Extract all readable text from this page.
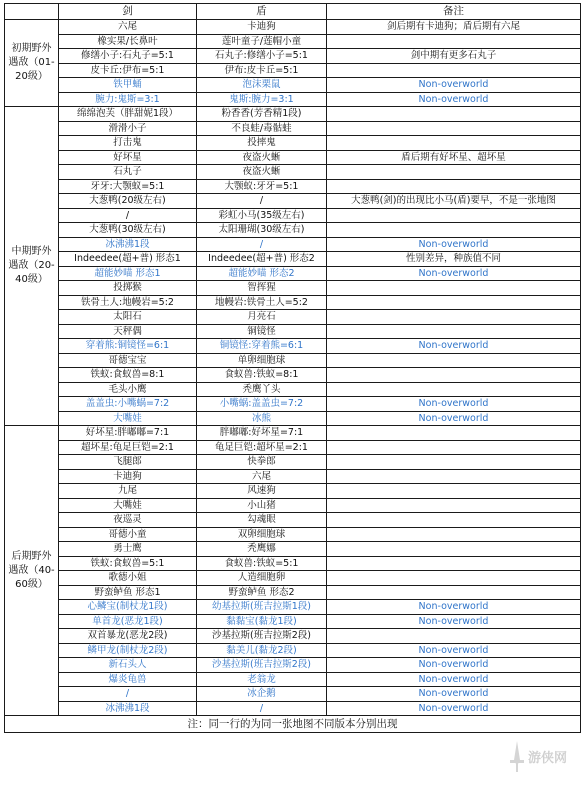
	剑	盾	备注
初期野外遇敌（01-20级）	六尾	卡迪狗	剑后期有卡迪狗；盾后期有六尾
	橡实果/长鼻叶	莲叶童子/莲帽小童	
	修缮小子:石丸子=5:1	石丸子:修缮小子=5:1	剑中期有更多石丸子
	皮卡丘:伊布=5:1	伊布:皮卡丘=5:1	
	铁甲蛹	泡沫栗鼠	Non-overworld
	腕力:鬼斯=3:1	鬼斯:腕力=3:1	Non-overworld
中期野外遇敌（20-40级）	绵绵泡芙（胖甜妮1段）	粉香香(芳香精1段)	
	滑滑小子	不良蛙/毒骷蛙	
	打击鬼	投摔鬼	
	好坏星	夜盗火蜥	盾后期有好坏星、超坏星
	石丸子	夜盗火蜥	
	牙牙:大颚蚁=5:1	大颚蚁:牙牙=5:1	
	大葱鸭(20级左右)	/	大葱鸭(剑)的出现比小马(盾)要早，不是一张地图
	/	彩虹小马(35级左右)	
	大葱鸭(30级左右)	太阳珊瑚(30级左右)	
	冰沸沸1段	/	Non-overworld
	Indeedee(超+普) 形态1	Indeedee(超+普) 形态2	性别差异，种族值不同
	超能妙喵 形态1	超能妙喵 形态2	Non-overworld
	投掷猴	智挥猩	
	铁骨土人:地幔岩=5:2	地幔岩:铁骨土人=5:2	
	太阳石	月亮石	
	天秤偶	铜镜怪	
	穿着熊:铜镜怪=6:1	铜镜怪:穿着熊=6:1	Non-overworld
	哥德宝宝	单卵细胞球	
	铁蚁:食蚁兽=8:1	食蚁兽:铁蚁=8:1	
	毛头小鹰	秃鹰丫头	
	盖盖虫:小嘴蜗=7:2	小嘴蜗:盖盖虫=7:2	Non-overworld
	大嘴娃	冰熊	Non-overworld
后期野外遇敌（40-60级）	好坏星:胖嘟嘟=7:1	胖嘟嘟:好坏星=7:1	
	超坏星:龟足巨铠=2:1	龟足巨铠:超坏星=2:1	
	飞腿郎	快拳郎	
	卡迪狗	六尾	
	九尾	风速狗	
	大嘴娃	小山猪	
	夜巡灵	勾魂眼	
	哥德小童	双卵细胞球	
	勇士鹰	秃鹰娜	
	铁蚁:食蚁兽=5:1	食蚁兽:铁蚁=5:1	
	歌德小姐	人造细胞卵	
	野蛮鲈鱼 形态1	野蛮鲈鱼 形态2	
	心鳞宝(制杖龙1段)	幼基拉斯(班吉拉斯1段)	Non-overworld
	单首龙(恶龙1段)	黏黏宝(黏龙1段)	Non-overworld
	双首暴龙(恶龙2段)	沙基拉斯(班吉拉斯2段)	
	鳞甲龙(制杖龙2段)	黏美儿(黏龙2段)	Non-overworld
	新石头人	沙基拉斯(班吉拉斯2段)	Non-overworld
	爆炎龟兽	老翁龙	Non-overworld
	/	冰企鹅	Non-overworld
	冰沸沸1段	/	Non-overworld
注：同一行的为同一张地图不同版本分别出现			
游侠网
